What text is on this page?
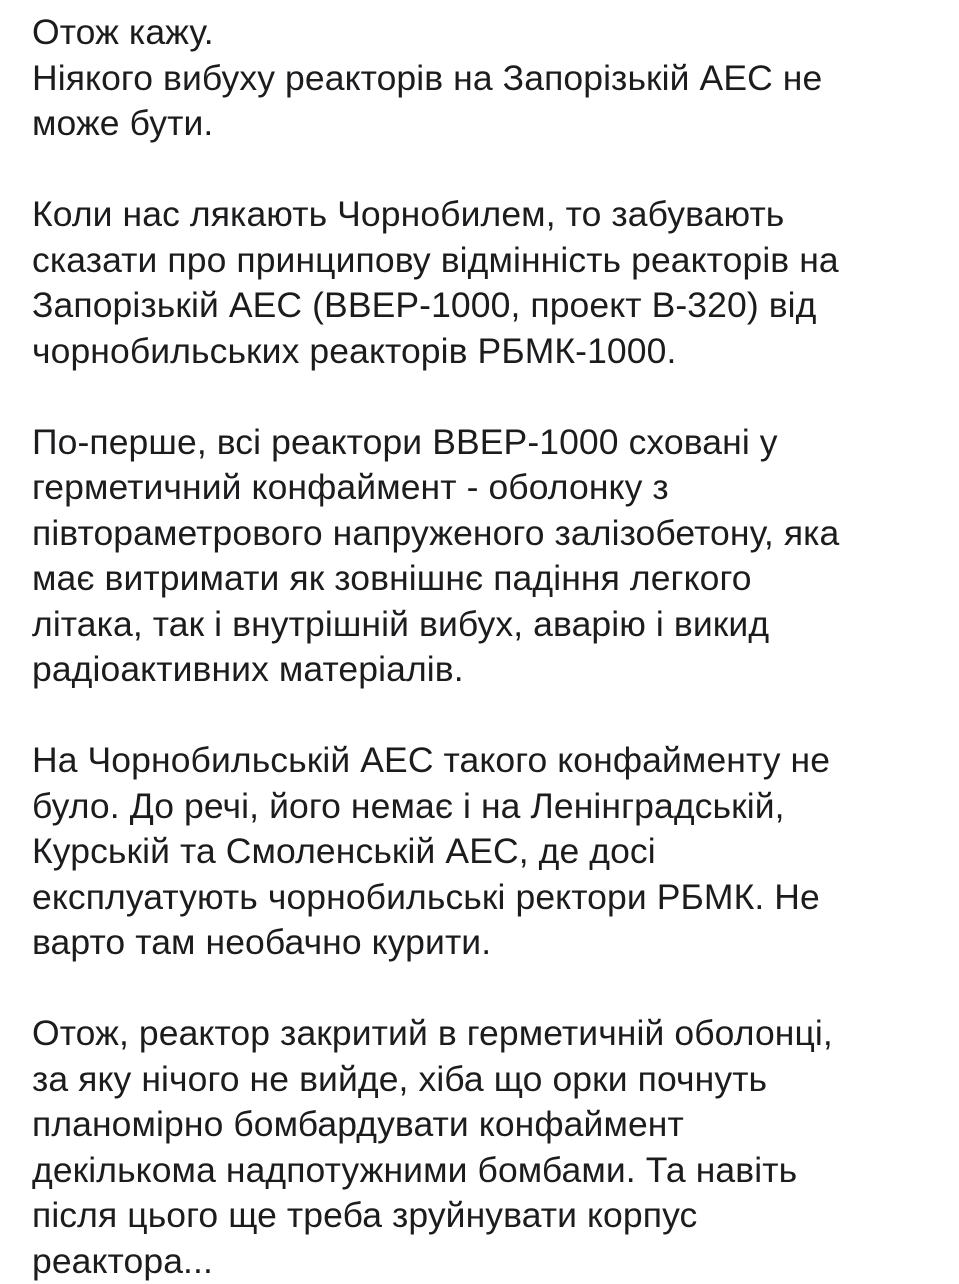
Отож кажу.
Ніякого вибуху реакторів на Запорізькій АЕС не
може бути.

Коли нас лякають Чорнобилем, то забувають
сказати про принципову відмінність реакторів на
Запорізькій АЕС (ВВЕР-1000, проект В-320) від
чорнобильських реакторів РБМК-1000.

По-перше, всі реактори ВВЕР-1000 сховані у
герметичний конфаймент - оболонку з
півтораметрового напруженого залізобетону, яка
має витримати як зовнішнє падіння легкого
літака, так і внутрішній вибух, аварію і викид
радіоактивних матеріалів.

На Чорнобильській АЕС такого конфайменту не
було. До речі, його немає і на Ленінградській,
Курській та Смоленській АЕС, де досі
експлуатують чорнобильські ректори РБМК. Не
варто там необачно курити.

Отож, реактор закритий в герметичній оболонці,
за яку нічого не вийде, хіба що орки почнуть
планомірно бомбардувати конфаймент
декількома надпотужними бомбами. Та навіть
після цього ще треба зруйнувати корпус
реактора...
